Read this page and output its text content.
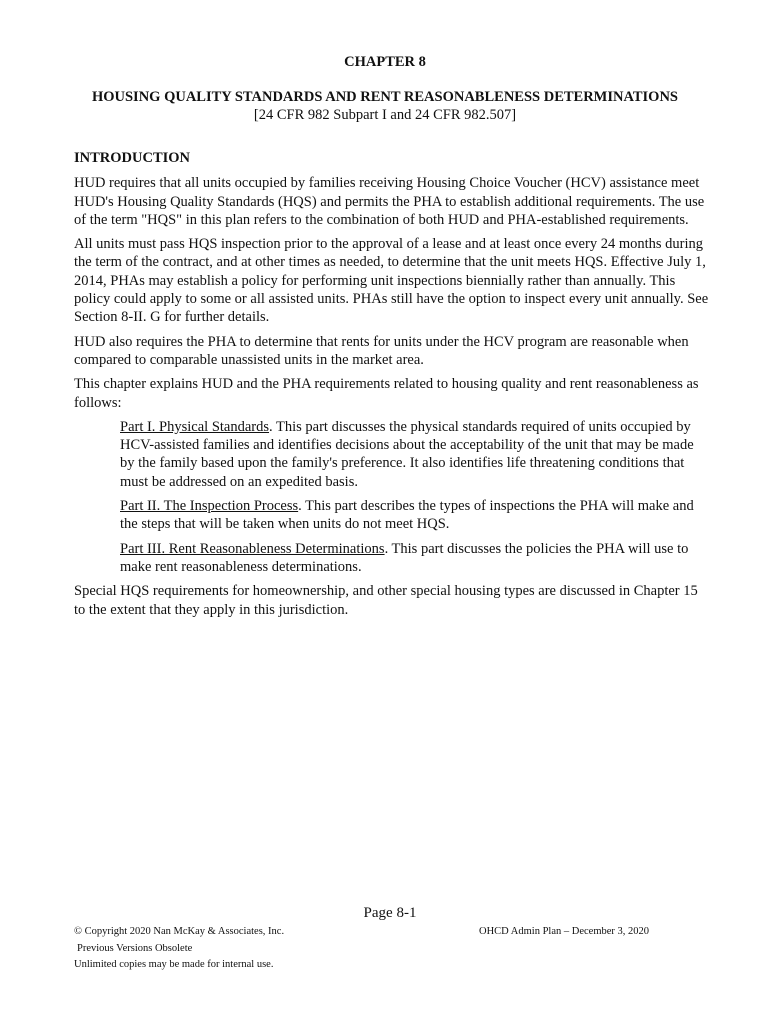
CHAPTER 8
HOUSING QUALITY STANDARDS AND RENT REASONABLENESS DETERMINATIONS
[24 CFR 982 Subpart I and 24 CFR 982.507]
INTRODUCTION

HUD requires that all units occupied by families receiving Housing Choice Voucher (HCV) assistance meet HUD's Housing Quality Standards (HQS) and permits the PHA to establish additional requirements. The use of the term "HQS" in this plan refers to the combination of both HUD and PHA-established requirements.

All units must pass HQS inspection prior to the approval of a lease and at least once every 24 months during the term of the contract, and at other times as needed, to determine that the unit meets HQS. Effective July 1, 2014, PHAs may establish a policy for performing unit inspections biennially rather than annually. This policy could apply to some or all assisted units. PHAs still have the option to inspect every unit annually. See Section 8-II. G for further details.

HUD also requires the PHA to determine that rents for units under the HCV program are reasonable when compared to comparable unassisted units in the market area.

This chapter explains HUD and the PHA requirements related to housing quality and rent reasonableness as follows:

Part I. Physical Standards. This part discusses the physical standards required of units occupied by HCV-assisted families and identifies decisions about the acceptability of the unit that may be made by the family based upon the family's preference. It also identifies life threatening conditions that must be addressed on an expedited basis.

Part II. The Inspection Process. This part describes the types of inspections the PHA will make and the steps that will be taken when units do not meet HQS.

Part III. Rent Reasonableness Determinations. This part discusses the policies the PHA will use to make rent reasonableness determinations.

Special HQS requirements for homeownership, and other special housing types are discussed in Chapter 15 to the extent that they apply in this jurisdiction.

Page 8-1
© Copyright 2020 Nan McKay & Associates, Inc.
Previous Versions Obsolete
Unlimited copies may be made for internal use.
OHCD Admin Plan – December 3, 2020
